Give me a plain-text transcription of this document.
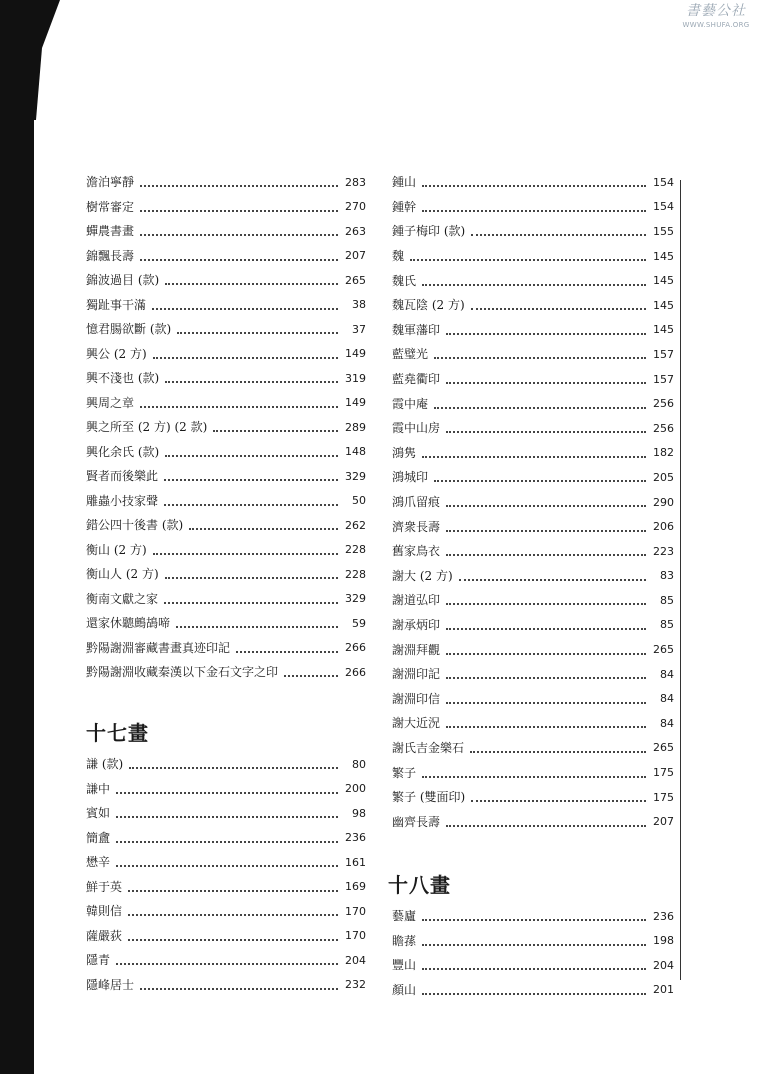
書藝公社
WWW.SHUFA.ORG
澹泊寧靜	283
樹常審定	270
蟬農書畫	263
錦飄長壽	207
錦波過目 (款)	265
獨趾事干滿	38
憶君腸欲斷 (款)	37
興公 (2 方)	149
興不淺也 (款)	319
興周之章	149
興之所至 (2 方) (2 款)	289
興化余氏 (款)	148
賢者而後樂此	329
雕蟲小技家聲	50
錯公四十後書 (款)	262
衡山 (2 方)	228
衡山人 (2 方)	228
衡南文獻之家	329
還家休聽鷓鴣啼	59
黔陽謝淵審藏書畫真迹印記	266
黔陽謝淵收藏秦漢以下金石文字之印	266
十七畫
謙 (款)	80
謙中	200
賓如	98
簡盦	236
懋辛	161
鮮于英	169
韓則信	170
薩嚴荻	170
隱青	204
隱峰居士	232
鍾山	154
鍾幹	154
鍾子梅印 (款)	155
魏	145
魏氏	145
魏瓦陰 (2 方)	145
魏軍藩印	145
藍璧光	157
藍堯衢印	157
霞中庵	256
霞中山房	256
鴻隽	182
鴻城印	205
鴻爪留痕	290
濟衆長壽	206
舊家鳥衣	223
謝大 (2 方)	83
謝道弘印	85
謝承炳印	85
謝淵拜觀	265
謝淵印記	84
謝淵印信	84
謝大近況	84
謝氏吉金樂石	265
繁子	175
繁子 (雙面印)	175
幽齊長壽	207
十八畫
藝廬	236
瞻蓀	198
豐山	204
顏山	201
